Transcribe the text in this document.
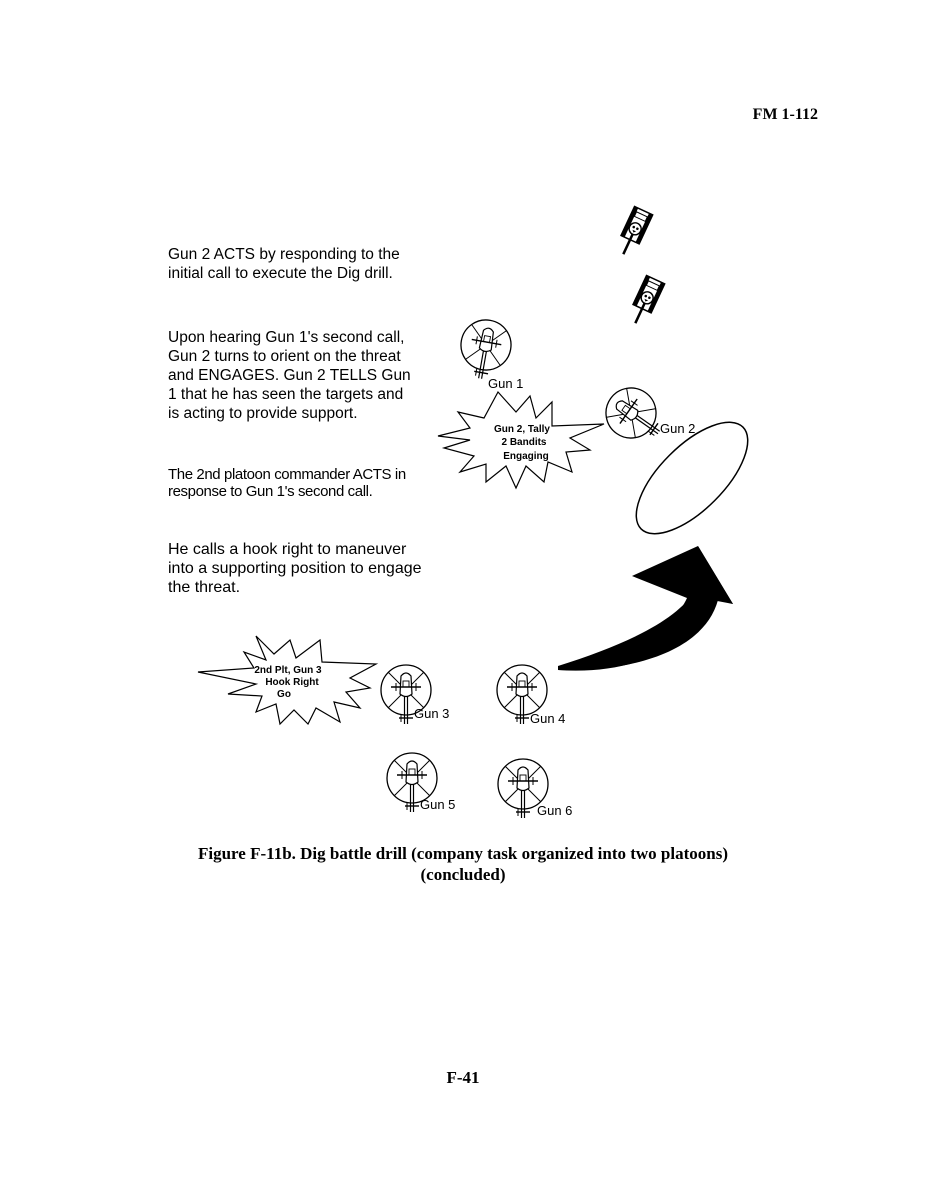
FM 1-112
Gun 2 ACTS by responding to the initial call to execute the Dig drill.
Upon hearing Gun 1's second call, Gun 2 turns to orient on the threat and ENGAGES. Gun 2 TELLS Gun 1 that he has seen the targets and is acting to provide support.
The 2nd platoon commander ACTS in response to Gun 1's second call.
He calls a hook right to maneuver into a supporting position to engage the threat.
Gun 2, Tally
2 Bandits
Engaging
2nd Plt, Gun 3
Hook Right
Go
Gun 1
Gun 2
Gun 3	Gun 4
Gun 5	Gun 6
Figure F-11b. Dig battle drill (company task organized into two platoons)
(concluded)
F-41
